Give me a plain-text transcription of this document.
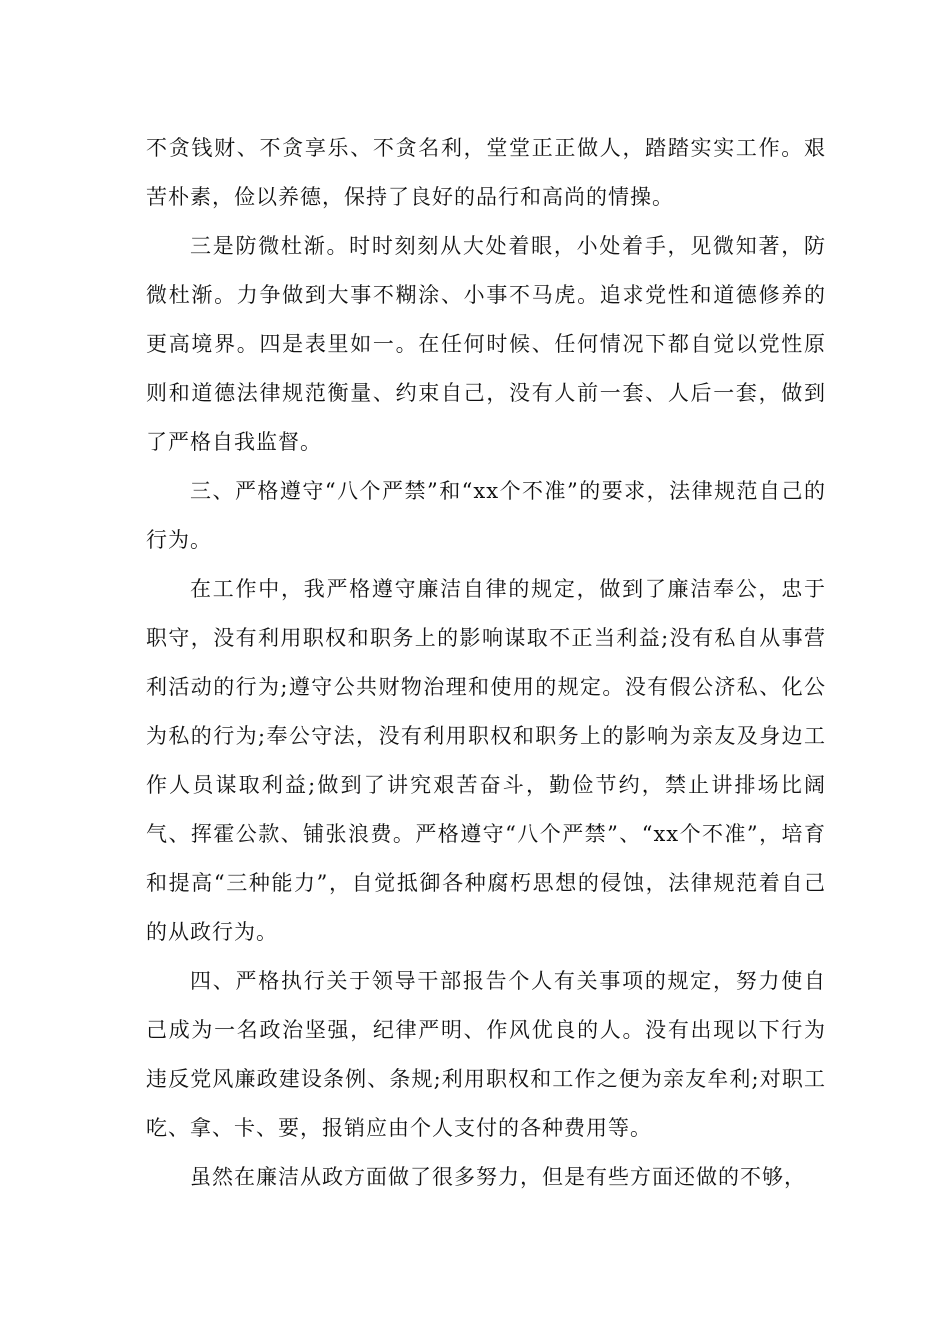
不贪钱财、不贪享乐、不贪名利，堂堂正正做人，踏踏实实工作。艰苦朴素，俭以养德，保持了良好的品行和高尚的情操。

三是防微杜渐。时时刻刻从大处着眼，小处着手，见微知著，防微杜渐。力争做到大事不糊涂、小事不马虎。追求党性和道德修养的更高境界。四是表里如一。在任何时候、任何情况下都自觉以党性原则和道德法律规范衡量、约束自己，没有人前一套、人后一套，做到了严格自我监督。

三、严格遵守“八个严禁”和“xx个不准”的要求，法律规范自己的行为。

在工作中，我严格遵守廉洁自律的规定，做到了廉洁奉公，忠于职守，没有利用职权和职务上的影响谋取不正当利益;没有私自从事营利活动的行为;遵守公共财物治理和使用的规定。没有假公济私、化公为私的行为;奉公守法，没有利用职权和职务上的影响为亲友及身边工作人员谋取利益;做到了讲究艰苦奋斗，勤俭节约，禁止讲排场比阔气、挥霍公款、铺张浪费。严格遵守“八个严禁”、“xx个不准”，培育和提高“三种能力”，自觉抵御各种腐朽思想的侵蚀，法律规范着自己的从政行为。

四、严格执行关于领导干部报告个人有关事项的规定，努力使自己成为一名政治坚强，纪律严明、作风优良的人。没有出现以下行为违反党风廉政建设条例、条规;利用职权和工作之便为亲友牟利;对职工吃、拿、卡、要，报销应由个人支付的各种费用等。

虽然在廉洁从政方面做了很多努力，但是有些方面还做的不够，
